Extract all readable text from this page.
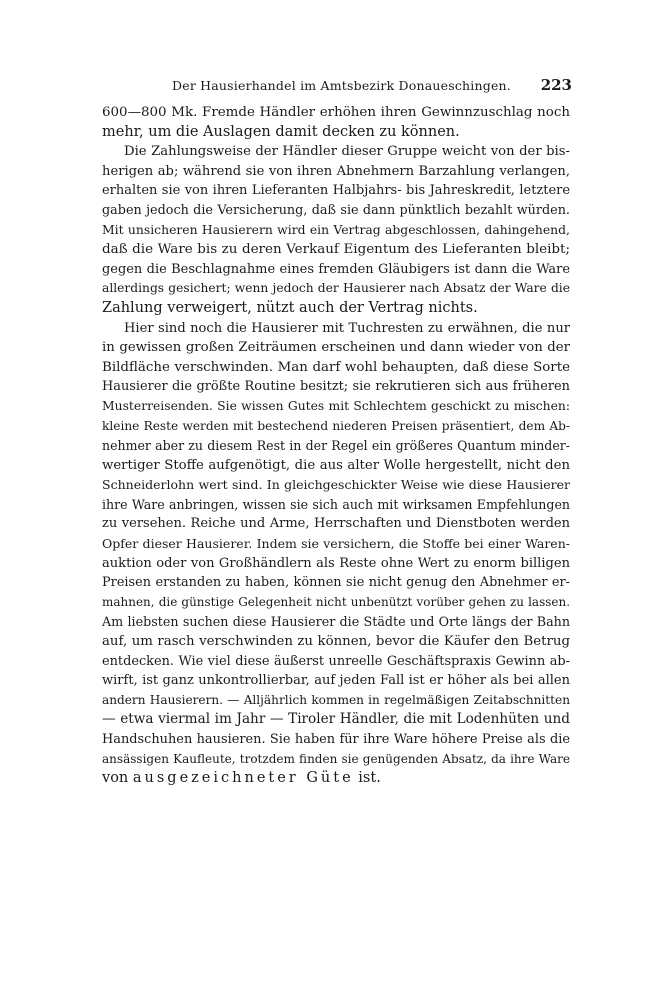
Der Hausierhandel im Amtsbezirk Donaueschingen. 223
600—800 Mk. Fremde Händler erhöhen ihren Gewinnzuschlag noch
mehr, um die Auslagen damit decken zu können.
Die Zahlungsweise der Händler dieser Gruppe weicht von der bis-
herigen ab; während sie von ihren Abnehmern Barzahlung verlangen,
erhalten sie von ihren Lieferanten Halbjahrs- bis Jahreskredit, letztere
gaben jedoch die Versicherung, daß sie dann pünktlich bezahlt würden.
Mit unsicheren Hausierern wird ein Vertrag abgeschlossen, dahingehend,
daß die Ware bis zu deren Verkauf Eigentum des Lieferanten bleibt;
gegen die Beschlagnahme eines fremden Gläubigers ist dann die Ware
allerdings gesichert; wenn jedoch der Hausierer nach Absatz der Ware die
Zahlung verweigert, nützt auch der Vertrag nichts.
Hier sind noch die Hausierer mit Tuchresten zu erwähnen, die nur
in gewissen großen Zeiträumen erscheinen und dann wieder von der
Bildfläche verschwinden. Man darf wohl behaupten, daß diese Sorte
Hausierer die größte Routine besitzt; sie rekrutieren sich aus früheren
Musterreisenden. Sie wissen Gutes mit Schlechtem geschickt zu mischen:
kleine Reste werden mit bestechend niederen Preisen präsentiert, dem Ab-
nehmer aber zu diesem Rest in der Regel ein größeres Quantum minder-
wertiger Stoffe aufgenötigt, die aus alter Wolle hergestellt, nicht den
Schneiderlohn wert sind. In gleichgeschickter Weise wie diese Hausierer
ihre Ware anbringen, wissen sie sich auch mit wirksamen Empfehlungen
zu versehen. Reiche und Arme, Herrschaften und Dienstboten werden
Opfer dieser Hausierer. Indem sie versichern, die Stoffe bei einer Waren-
auktion oder von Großhändlern als Reste ohne Wert zu enorm billigen
Preisen erstanden zu haben, können sie nicht genug den Abnehmer er-
mahnen, die günstige Gelegenheit nicht unbenützt vorüber gehen zu lassen.
Am liebsten suchen diese Hausierer die Städte und Orte längs der Bahn
auf, um rasch verschwinden zu können, bevor die Käufer den Betrug
entdecken. Wie viel diese äußerst unreelle Geschäftspraxis Gewinn ab-
wirft, ist ganz unkontrollierbar, auf jeden Fall ist er höher als bei allen
andern Hausierern. — Alljährlich kommen in regelmäßigen Zeitabschnitten
— etwa viermal im Jahr — Tiroler Händler, die mit Lodenhüten und
Handschuhen hausieren. Sie haben für ihre Ware höhere Preise als die
ansässigen Kaufleute, trotzdem finden sie genügenden Absatz, da ihre Ware
von ausgezeichneter Güte ist.
